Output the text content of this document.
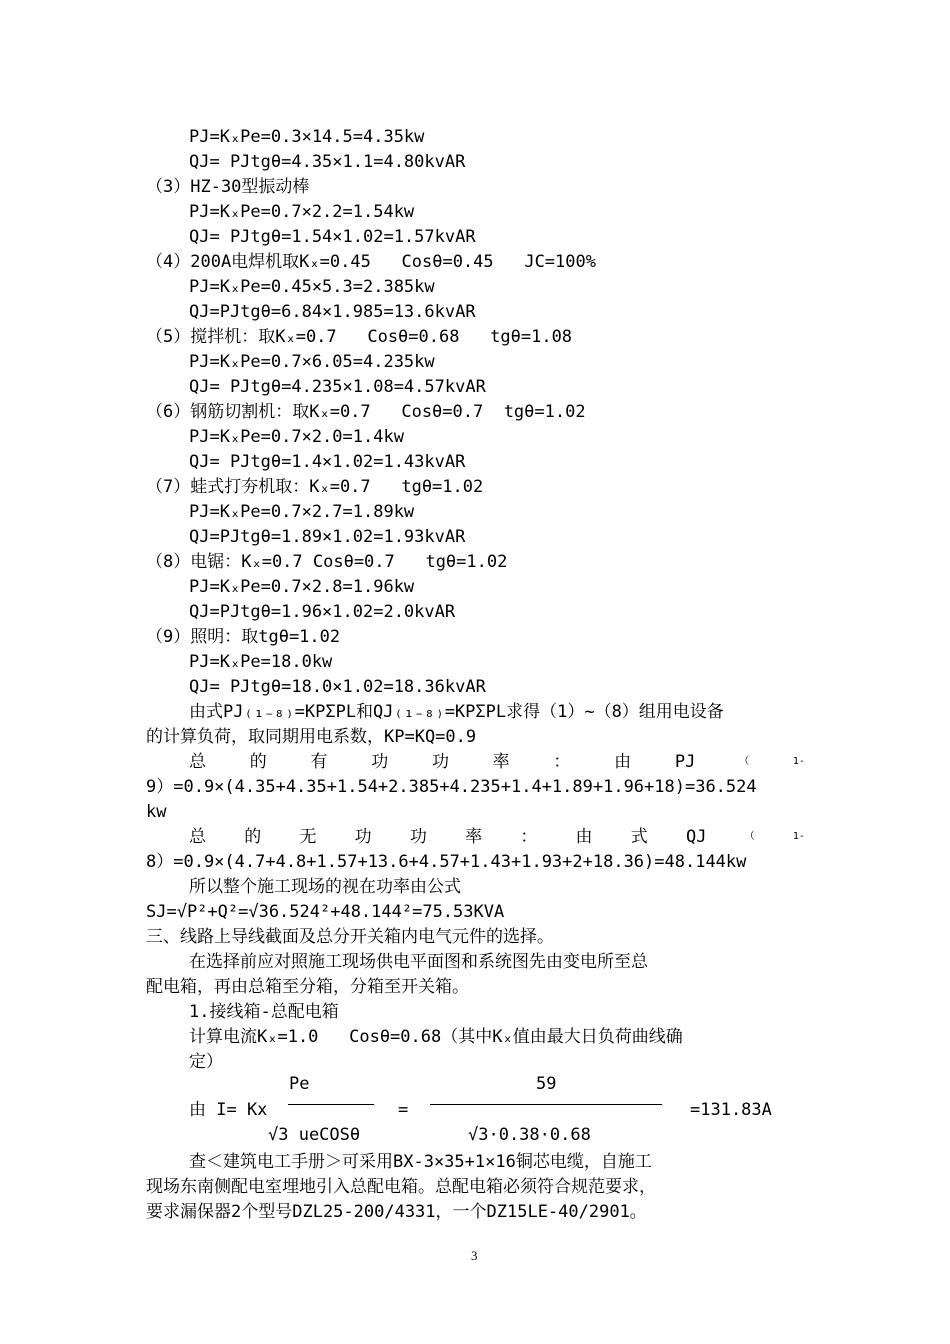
PJ=KₓPe=0.3×14.5=4.35kw
QJ= PJtgθ=4.35×1.1=4.80kvAR
（3）HZ-30型振动棒
PJ=KₓPe=0.7×2.2=1.54kw
QJ= PJtgθ=1.54×1.02=1.57kvAR
（4）200A电焊机取Kₓ=0.45   Cosθ=0.45   JC=100%
PJ=KₓPe=0.45×5.3=2.385kw
QJ=PJtgθ=6.84×1.985=13.6kvAR
（5）搅拌机：取Kₓ=0.7   Cosθ=0.68   tgθ=1.08
PJ=KₓPe=0.7×6.05=4.235kw
QJ= PJtgθ=4.235×1.08=4.57kvAR
（6）钢筋切割机：取Kₓ=0.7   Cosθ=0.7  tgθ=1.02
PJ=KₓPe=0.7×2.0=1.4kw
QJ= PJtgθ=1.4×1.02=1.43kvAR
（7）蛙式打夯机取：Kₓ=0.7   tgθ=1.02
PJ=KₓPe=0.7×2.7=1.89kw
QJ=PJtgθ=1.89×1.02=1.93kvAR
（8）电锯：Kₓ=0.7 Cosθ=0.7   tgθ=1.02
PJ=KₓPe=0.7×2.8=1.96kw
QJ=PJtgθ=1.96×1.02=2.0kvAR
（9）照明：取tgθ=1.02
PJ=KₓPe=18.0kw
QJ= PJtgθ=18.0×1.02=18.36kvAR
由式PJ₍₁₋₈₎=KPΣPL和QJ₍₁₋₈₎=KPΣPL求得（1）~（8）组用电设备
的计算负荷，取同期用电系数，KP=KQ=0.9
总	的	有	功	功	率	：	由	PJ	（	1-
9）=0.9×(4.35+4.35+1.54+2.385+4.235+1.4+1.89+1.96+18)=36.524
kw
总 的 无 功 功 率 ： 由 式 QJ	（	1-
8）=0.9×(4.7+4.8+1.57+13.6+4.57+1.43+1.93+2+18.36)=48.144kw
所以整个施工现场的视在功率由公式
SJ=√P²+Q²=√36.524²+48.144²=75.53KVA
三、线路上导线截面及总分开关箱内电气元件的选择。
在选择前应对照施工现场供电平面图和系统图先由变电所至总
配电箱，再由总箱至分箱，分箱至开关箱。
1.接线箱-总配电箱
计算电流Kₓ=1.0   Cosθ=0.68（其中Kₓ值由最大日负荷曲线确
定）
Pe	59
由 I= Kx	=	=131.83A
√3 ueCOSθ	√3·0.38·0.68
查＜建筑电工手册＞可采用BX-3×35+1×16铜芯电缆，自施工
现场东南侧配电室埋地引入总配电箱。总配电箱必须符合规范要求，
要求漏保器2个型号DZL25-200/4331，一个DZ15LE-40/2901。
3
